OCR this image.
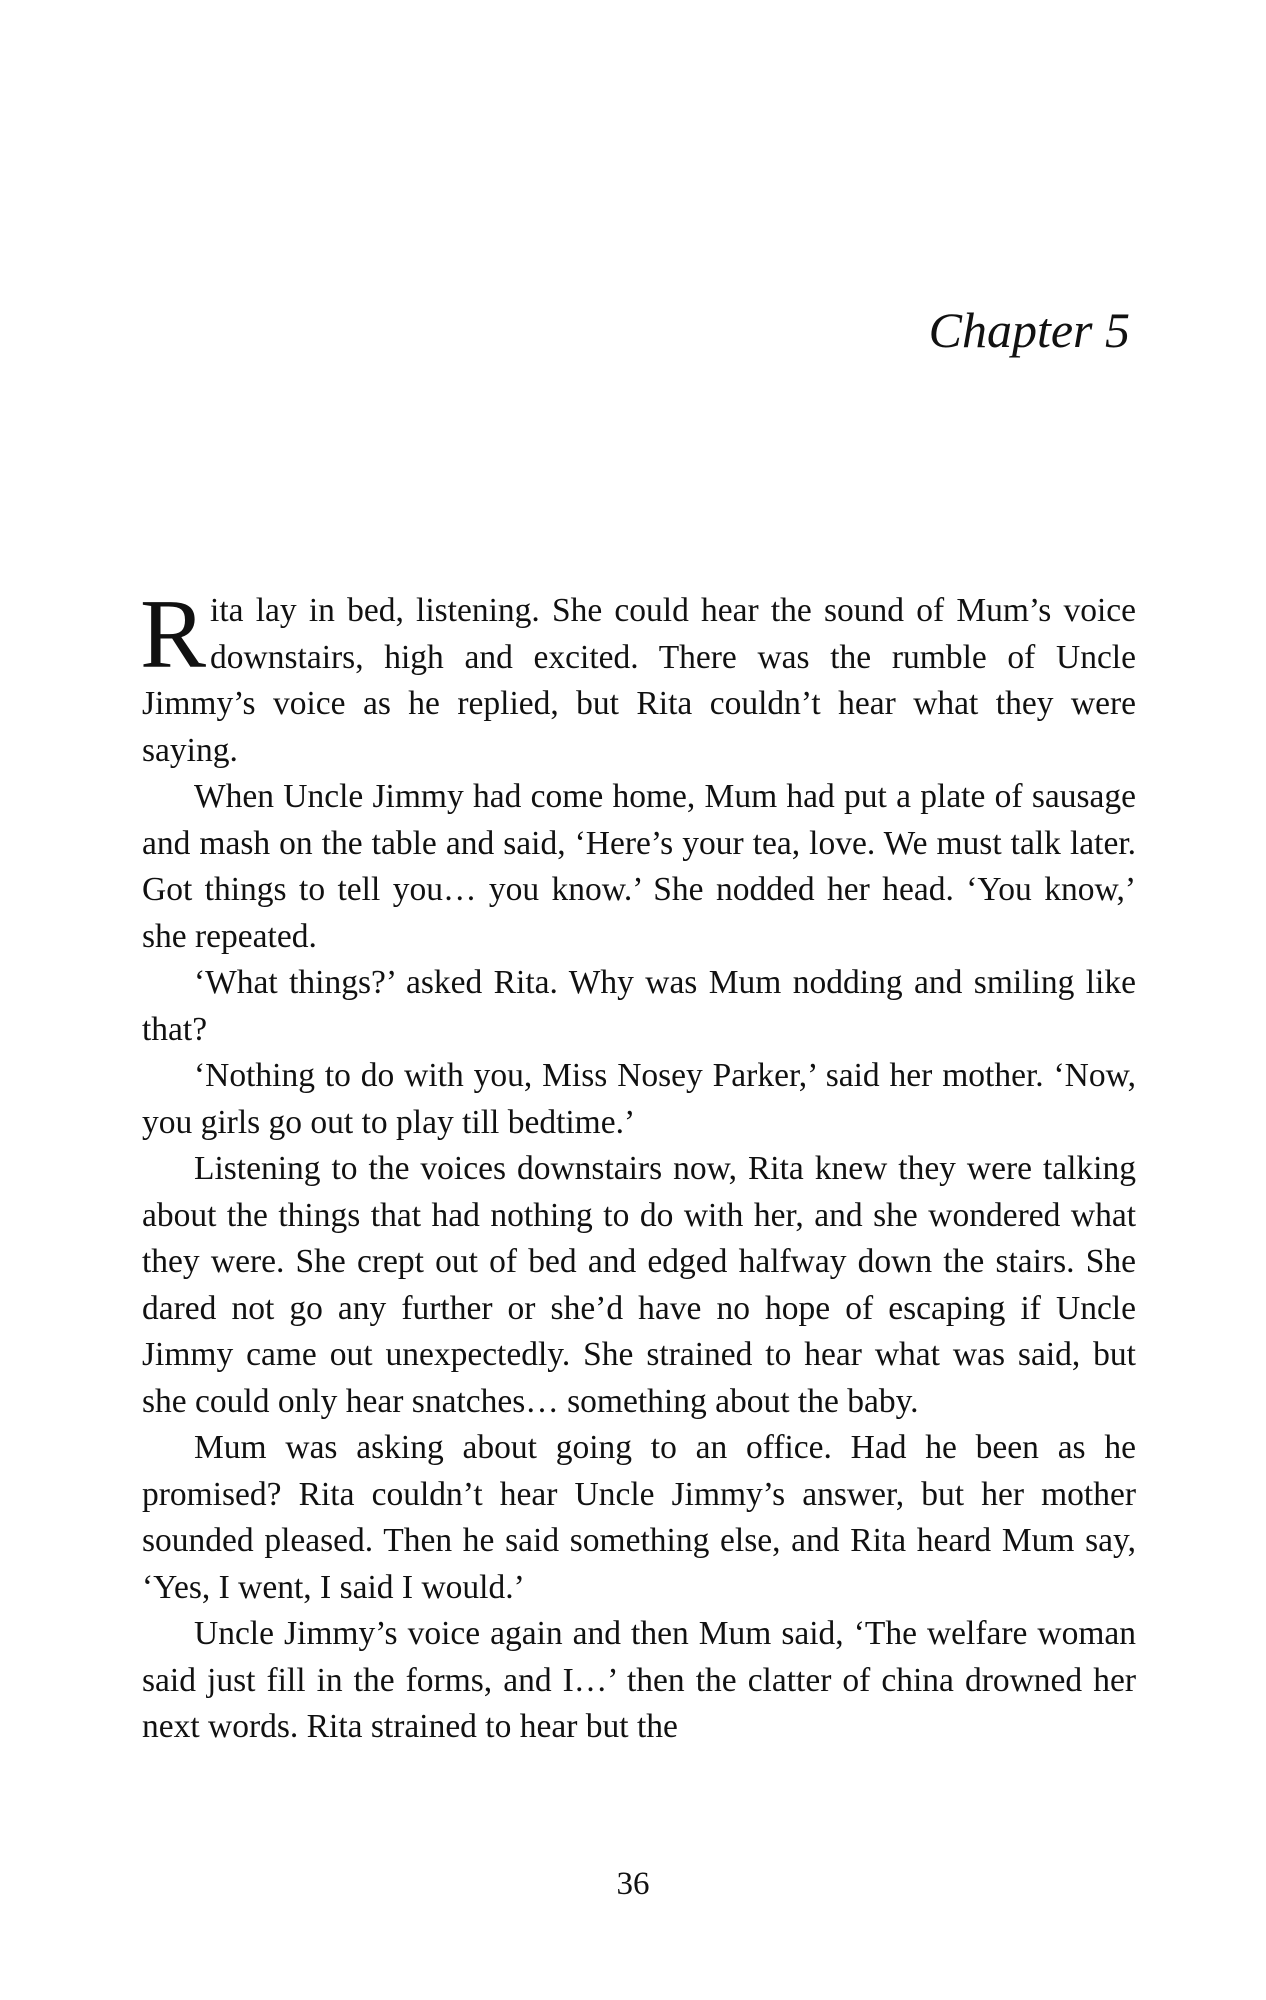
Chapter 5

Rita lay in bed, listening. She could hear the sound of Mum’s voice downstairs, high and excited. There was the rumble of Uncle Jimmy’s voice as he replied, but Rita couldn’t hear what they were saying.

When Uncle Jimmy had come home, Mum had put a plate of sausage and mash on the table and said, ‘Here’s your tea, love. We must talk later. Got things to tell you… you know.’ She nodded her head. ‘You know,’ she repeated.

‘What things?’ asked Rita. Why was Mum nodding and smiling like that?

‘Nothing to do with you, Miss Nosey Parker,’ said her mother. ‘Now, you girls go out to play till bedtime.’

Listening to the voices downstairs now, Rita knew they were talking about the things that had nothing to do with her, and she wondered what they were. She crept out of bed and edged halfway down the stairs. She dared not go any further or she’d have no hope of escaping if Uncle Jimmy came out unexpectedly. She strained to hear what was said, but she could only hear snatches… something about the baby.

Mum was asking about going to an office. Had he been as he promised? Rita couldn’t hear Uncle Jimmy’s answer, but her mother sounded pleased. Then he said something else, and Rita heard Mum say, ‘Yes, I went, I said I would.’

Uncle Jimmy’s voice again and then Mum said, ‘The welfare woman said just fill in the forms, and I…’ then the clatter of china drowned her next words. Rita strained to hear but the

36
